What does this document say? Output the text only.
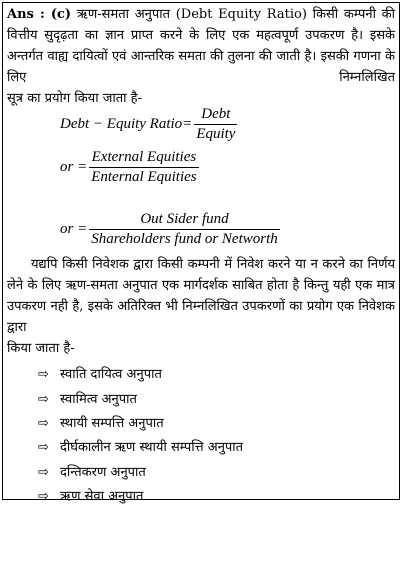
Ans : (c) ऋण-समता अनुपात (Debt Equity Ratio) किसी कम्पनी की वित्तीय सुदृढ़ता का ज्ञान प्राप्त करने के लिए एक महत्वपूर्ण उपकरण है। इसके अन्तर्गत वाह्य दायित्वों एवं आन्तरिक समता की तुलना की जाती है। इसकी गणना के लिए निम्नलिखित
सूत्र का प्रयोग किया जाता है-

Debt − Equity Ratio= $\frac{\text{Debt}}{\text{Equity}}$
or = $\frac{\text{External Equities}}{\text{Enternal Equities}}$
or = $\frac{\text{Out Sider fund}}{\text{Shareholders fund or Networth}}$

यद्यपि किसी निवेशक द्वारा किसी कम्पनी में निवेश करने या न करने का निर्णय लेने के लिए ऋण-समता अनुपात एक मार्गदर्शक साबित होता है किन्तु यही एक मात्र उपकरण नही है, इसके अतिरिक्त भी निम्नलिखित उपकरणों का प्रयोग एक निवेशक द्वारा
किया जाता है-

⇨ स्वाति दायित्व अनुपात
⇨ स्वामित्व अनुपात
⇨ स्थायी सम्पत्ति अनुपात
⇨ दीर्घकालीन ऋण स्थायी सम्पत्ति अनुपात
⇨ दन्तिकरण अनुपात
⇨ ऋण सेवा अनुपात
